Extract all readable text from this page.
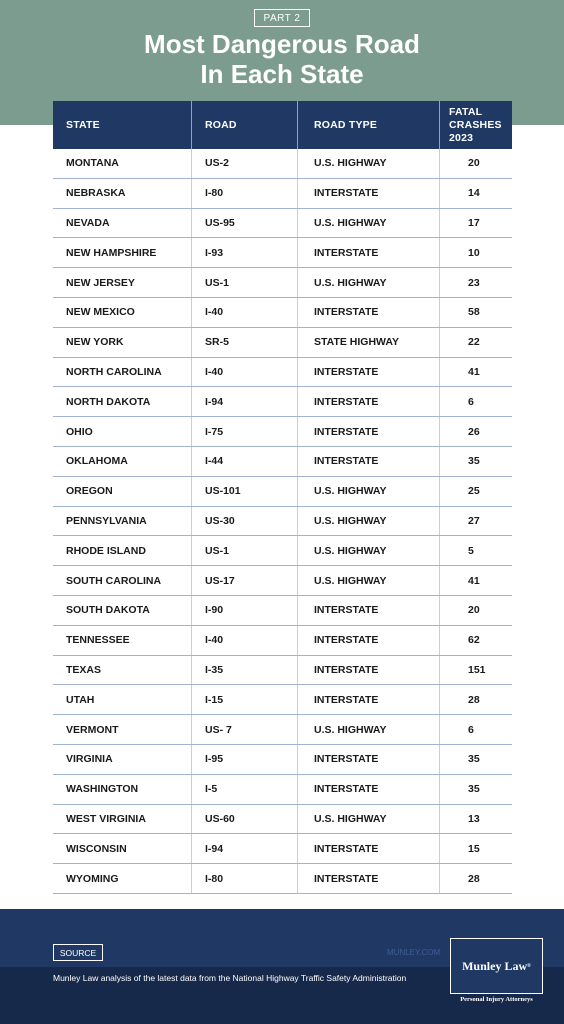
PART 2
Most Dangerous Road
In Each State
STATE	ROAD	ROAD TYPE
FATAL
CRASHES
2023
MONTANA	US-2	U.S. HIGHWAY	20
NEBRASKA	I-80	INTERSTATE	14
NEVADA	US-95	U.S. HIGHWAY	17
NEW HAMPSHIRE	I-93	INTERSTATE	10
NEW JERSEY	US-1	U.S. HIGHWAY	23
NEW MEXICO	I-40	INTERSTATE	58
NEW YORK	SR-5	STATE HIGHWAY	22
NORTH CAROLINA	I-40	INTERSTATE	41
NORTH DAKOTA	I-94	INTERSTATE	6
OHIO	I-75	INTERSTATE	26
OKLAHOMA	I-44	INTERSTATE	35
OREGON	US-101	U.S. HIGHWAY	25
PENNSYLVANIA	US-30	U.S. HIGHWAY	27
RHODE ISLAND	US-1	U.S. HIGHWAY	5
SOUTH CAROLINA	US-17	U.S. HIGHWAY	41
SOUTH DAKOTA	I-90	INTERSTATE	20
TENNESSEE	I-40	INTERSTATE	62
TEXAS	I-35	INTERSTATE	151
UTAH	I-15	INTERSTATE	28
VERMONT	US- 7	U.S. HIGHWAY	6
VIRGINIA	I-95	INTERSTATE	35
WASHINGTON	I-5	INTERSTATE	35
WEST VIRGINIA	US-60	U.S. HIGHWAY	13
WISCONSIN	I-94	INTERSTATE	15
WYOMING	I-80	INTERSTATE	28
SOURCE	MUNLEY.COM
Munley Law analysis of the latest data from the National Highway Traffic Safety Administration
Munley Law ®
Personal Injury Attorneys
